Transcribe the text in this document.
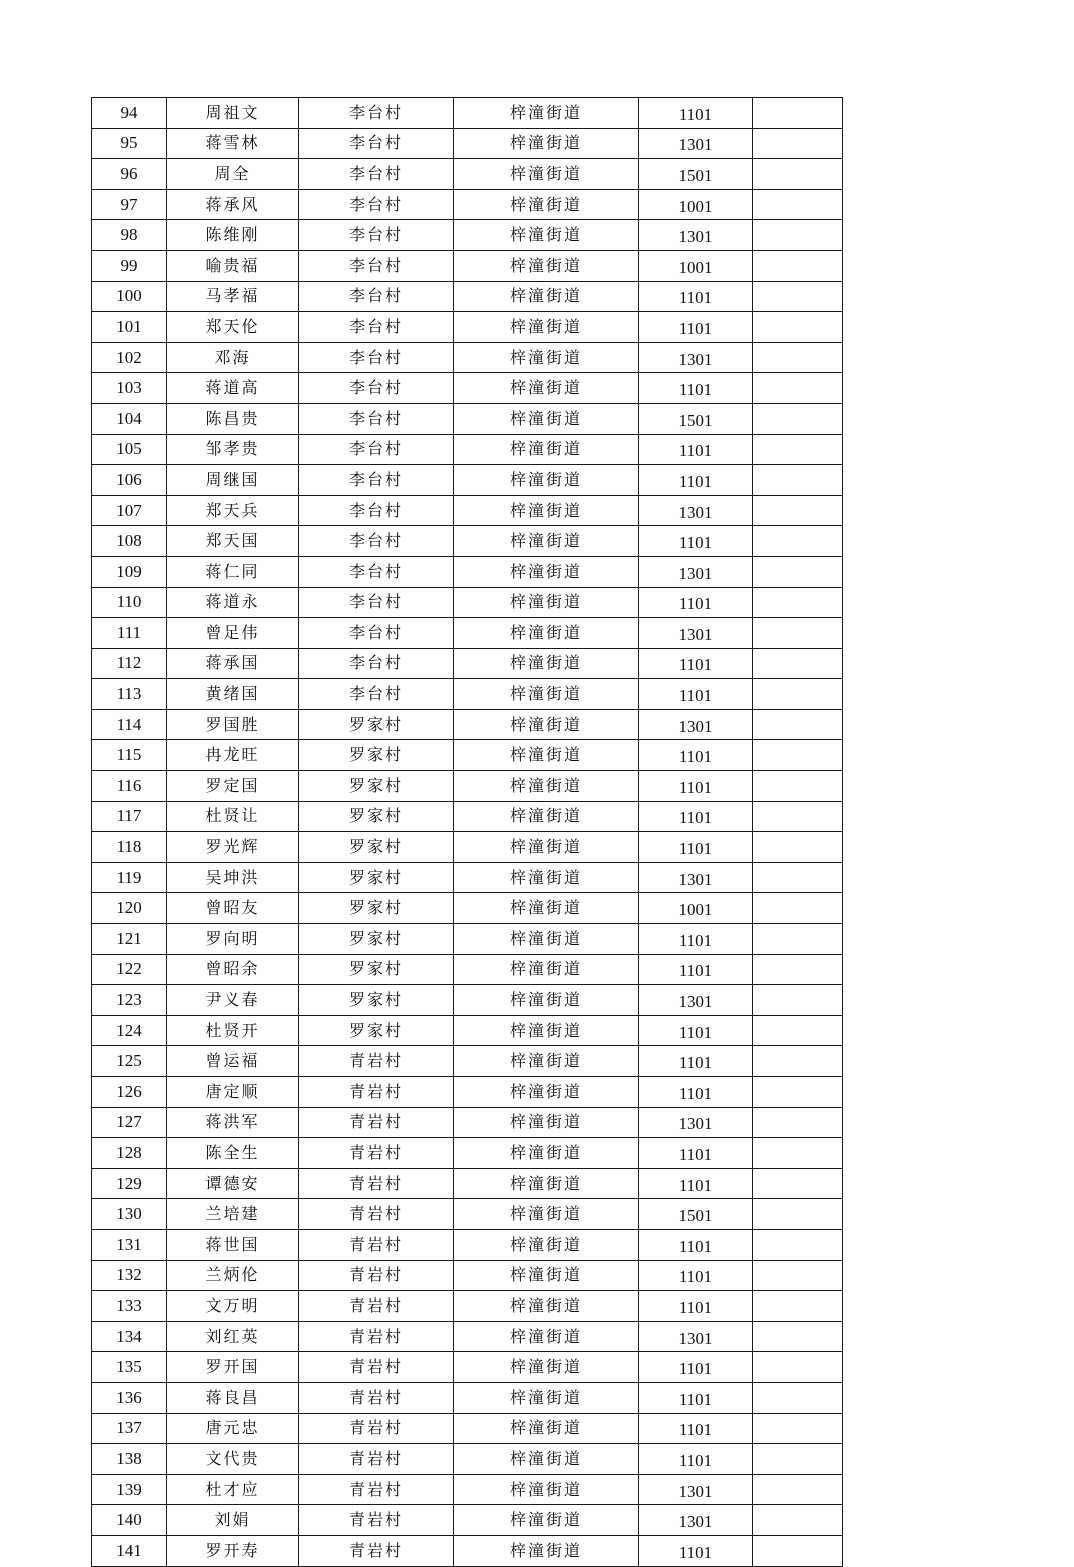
94	周祖文	李台村	梓潼街道	1101	
95	蒋雪林	李台村	梓潼街道	1301	
96	周全	李台村	梓潼街道	1501	
97	蒋承风	李台村	梓潼街道	1001	
98	陈维刚	李台村	梓潼街道	1301	
99	喻贵福	李台村	梓潼街道	1001	
100	马孝福	李台村	梓潼街道	1101	
101	郑天伦	李台村	梓潼街道	1101	
102	邓海	李台村	梓潼街道	1301	
103	蒋道高	李台村	梓潼街道	1101	
104	陈昌贵	李台村	梓潼街道	1501	
105	邹孝贵	李台村	梓潼街道	1101	
106	周继国	李台村	梓潼街道	1101	
107	郑天兵	李台村	梓潼街道	1301	
108	郑天国	李台村	梓潼街道	1101	
109	蒋仁同	李台村	梓潼街道	1301	
110	蒋道永	李台村	梓潼街道	1101	
111	曾足伟	李台村	梓潼街道	1301	
112	蒋承国	李台村	梓潼街道	1101	
113	黄绪国	李台村	梓潼街道	1101	
114	罗国胜	罗家村	梓潼街道	1301	
115	冉龙旺	罗家村	梓潼街道	1101	
116	罗定国	罗家村	梓潼街道	1101	
117	杜贤让	罗家村	梓潼街道	1101	
118	罗光辉	罗家村	梓潼街道	1101	
119	吴坤洪	罗家村	梓潼街道	1301	
120	曾昭友	罗家村	梓潼街道	1001	
121	罗向明	罗家村	梓潼街道	1101	
122	曾昭余	罗家村	梓潼街道	1101	
123	尹义春	罗家村	梓潼街道	1301	
124	杜贤开	罗家村	梓潼街道	1101	
125	曾运福	青岩村	梓潼街道	1101	
126	唐定顺	青岩村	梓潼街道	1101	
127	蒋洪军	青岩村	梓潼街道	1301	
128	陈全生	青岩村	梓潼街道	1101	
129	谭德安	青岩村	梓潼街道	1101	
130	兰培建	青岩村	梓潼街道	1501	
131	蒋世国	青岩村	梓潼街道	1101	
132	兰炳伦	青岩村	梓潼街道	1101	
133	文万明	青岩村	梓潼街道	1101	
134	刘红英	青岩村	梓潼街道	1301	
135	罗开国	青岩村	梓潼街道	1101	
136	蒋良昌	青岩村	梓潼街道	1101	
137	唐元忠	青岩村	梓潼街道	1101	
138	文代贵	青岩村	梓潼街道	1101	
139	杜才应	青岩村	梓潼街道	1301	
140	刘娟	青岩村	梓潼街道	1301	
141	罗开寿	青岩村	梓潼街道	1101	
